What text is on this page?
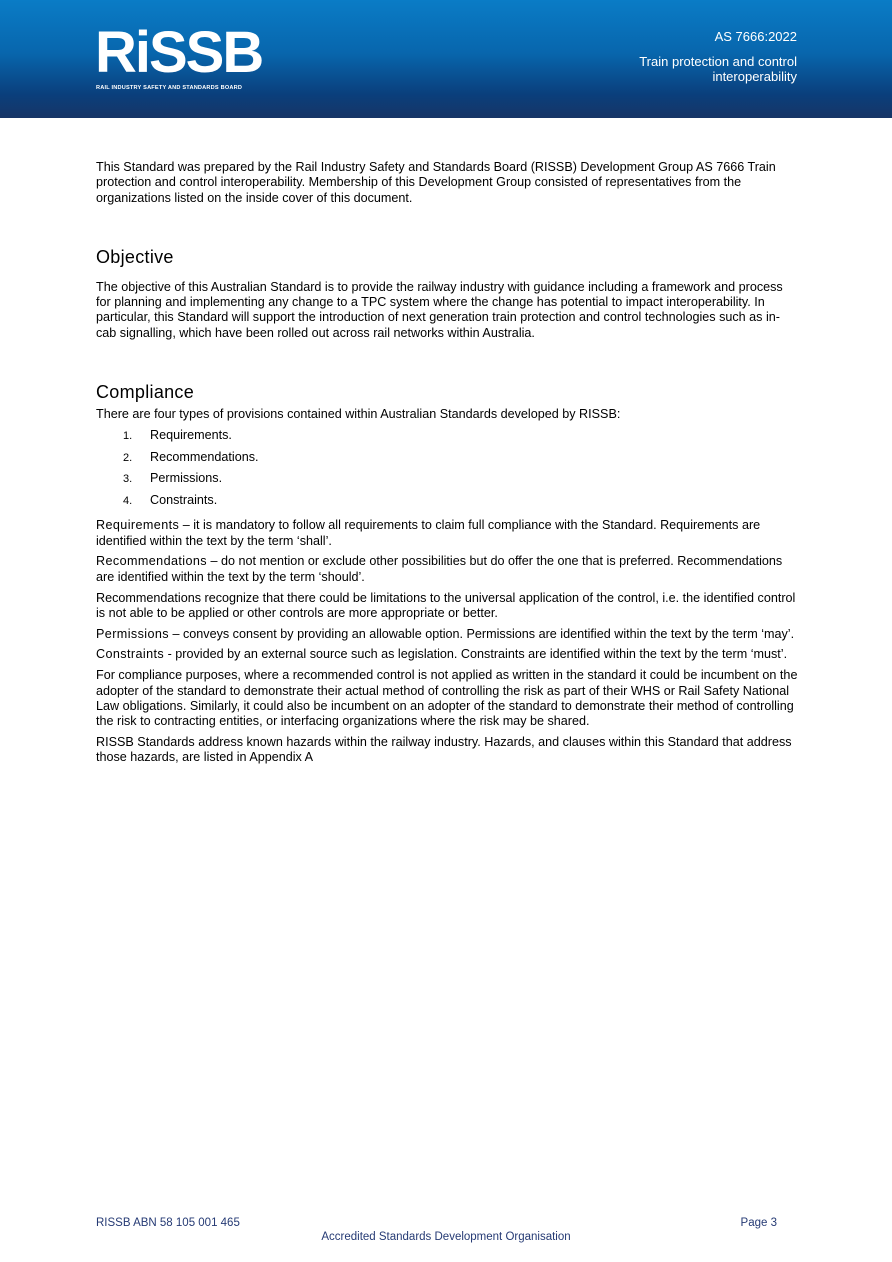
RiSSB
RAIL INDUSTRY SAFETY AND STANDARDS BOARD
AS 7666:2022
Train protection and control interoperability

This Standard was prepared by the Rail Industry Safety and Standards Board (RISSB) Development Group AS 7666 Train protection and control interoperability. Membership of this Development Group consisted of representatives from the organizations listed on the inside cover of this document.

Objective

The objective of this Australian Standard is to provide the railway industry with guidance including a framework and process for planning and implementing any change to a TPC system where the change has potential to impact interoperability. In particular, this Standard will support the introduction of next generation train protection and control technologies such as in-cab signalling, which have been rolled out across rail networks within Australia.

Compliance

There are four types of provisions contained within Australian Standards developed by RISSB:

1. Requirements.
2. Recommendations.
3. Permissions.
4. Constraints.

Requirements – it is mandatory to follow all requirements to claim full compliance with the Standard. Requirements are identified within the text by the term ‘shall’.

Recommendations – do not mention or exclude other possibilities but do offer the one that is preferred. Recommendations are identified within the text by the term ‘should’.

Recommendations recognize that there could be limitations to the universal application of the control, i.e. the identified control is not able to be applied or other controls are more appropriate or better.

Permissions – conveys consent by providing an allowable option. Permissions are identified within the text by the term ‘may’.

Constraints - provided by an external source such as legislation. Constraints are identified within the text by the term ‘must’.

For compliance purposes, where a recommended control is not applied as written in the standard it could be incumbent on the adopter of the standard to demonstrate their actual method of controlling the risk as part of their WHS or Rail Safety National Law obligations. Similarly, it could also be incumbent on an adopter of the standard to demonstrate their method of controlling the risk to contracting entities, or interfacing organizations where the risk may be shared.

RISSB Standards address known hazards within the railway industry. Hazards, and clauses within this Standard that address those hazards, are listed in Appendix A

RISSB ABN 58 105 001 465	Page 3
Accredited Standards Development Organisation
